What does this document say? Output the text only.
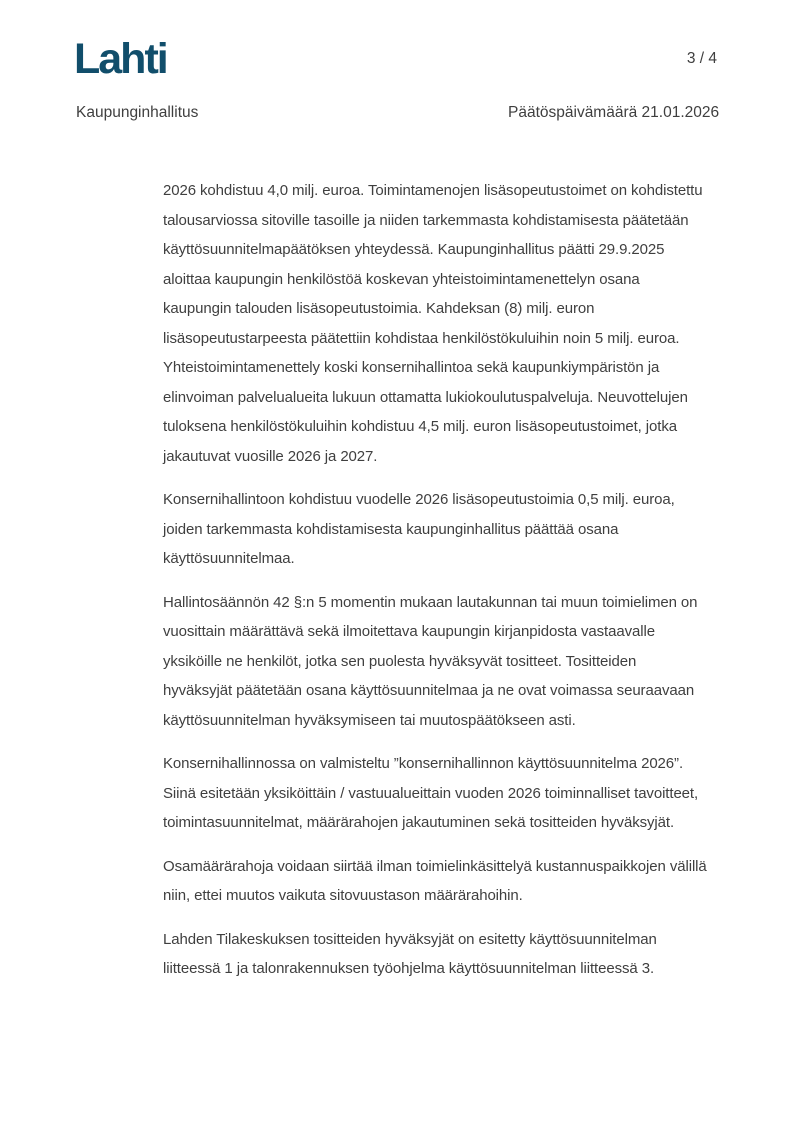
Lahti	3 / 4
Kaupunginhallitus	Päätöspäivämäärä 21.01.2026
2026 kohdistuu 4,0 milj. euroa. Toimintamenojen lisäsopeutustoimet on kohdistettu
talousarviossa sitoville tasoille ja niiden tarkemmasta kohdistamisesta päätetään
käyttösuunnitelmapäätöksen yhteydessä. Kaupunginhallitus päätti 29.9.2025
aloittaa kaupungin henkilöstöä koskevan yhteistoimintamenettelyn osana
kaupungin talouden lisäsopeutustoimia. Kahdeksan (8) milj. euron
lisäsopeutustarpeesta päätettiin kohdistaa henkilöstökuluihin noin 5 milj. euroa.
Yhteistoimintamenettely koski konsernihallintoa sekä kaupunkiympäristön ja
elinvoiman palvelualueita lukuun ottamatta lukiokoulutuspalveluja. Neuvottelujen
tuloksena henkilöstökuluihin kohdistuu 4,5 milj. euron lisäsopeutustoimet, jotka
jakautuvat vuosille 2026 ja 2027.
Konsernihallintoon kohdistuu vuodelle 2026 lisäsopeutustoimia 0,5 milj. euroa,
joiden tarkemmasta kohdistamisesta kaupunginhallitus päättää osana
käyttösuunnitelmaa.
Hallintosäännön 42 §:n 5 momentin mukaan lautakunnan tai muun toimielimen on
vuosittain määrättävä sekä ilmoitettava kaupungin kirjanpidosta vastaavalle
yksiköille ne henkilöt, jotka sen puolesta hyväksyvät tositteet. Tositteiden
hyväksyjät päätetään osana käyttösuunnitelmaa ja ne ovat voimassa seuraavaan
käyttösuunnitelman hyväksymiseen tai muutospäätökseen asti.
Konsernihallinnossa on valmisteltu ”konsernihallinnon käyttösuunnitelma 2026”.
Siinä esitetään yksiköittäin / vastuualueittain vuoden 2026 toiminnalliset tavoitteet,
toimintasuunnitelmat, määrärahojen jakautuminen sekä tositteiden hyväksyjät.
Osamäärärahoja voidaan siirtää ilman toimielinkäsittelyä kustannuspaikkojen välillä
niin, ettei muutos vaikuta sitovuustason määrärahoihin.
Lahden Tilakeskuksen tositteiden hyväksyjät on esitetty käyttösuunnitelman
liitteessä 1 ja talonrakennuksen työohjelma käyttösuunnitelman liitteessä 3.
